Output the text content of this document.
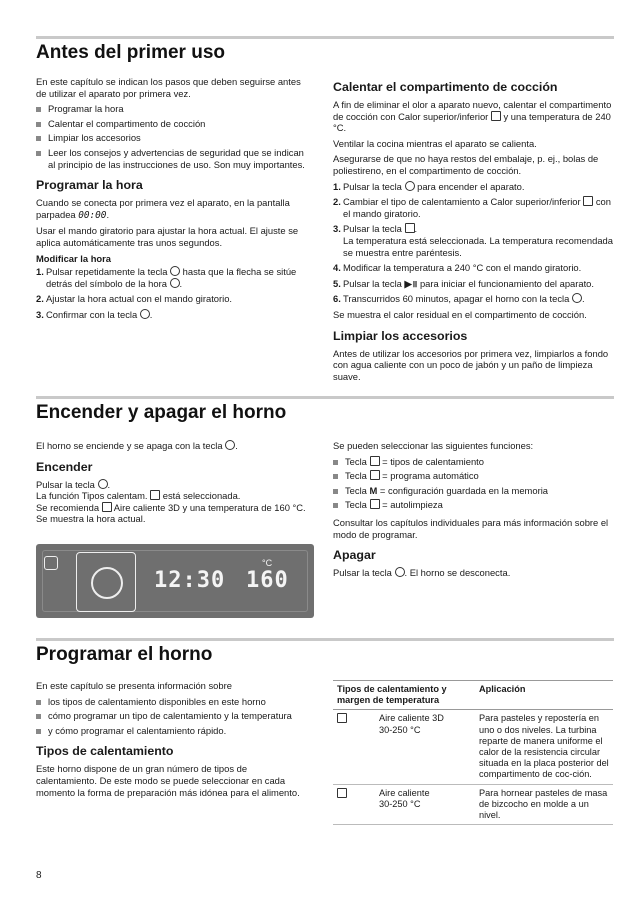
Antes del primer uso

En este capítulo se indican los pasos que deben seguirse antes de utilizar el aparato por primera vez.

Programar la hora
Calentar el compartimento de cocción
Limpiar los accesorios
Leer los consejos y advertencias de seguridad que se indican al principio de las instrucciones de uso. Son muy importantes.
Programar la hora

Cuando se conecta por primera vez el aparato, en la pantalla parpadea 00:00.

Usar el mando giratorio para ajustar la hora actual. El ajuste se aplica automáticamente tras unos segundos.

Modificar la hora
1. Pulsar repetidamente la tecla hasta que la flecha se sitúe detrás del símbolo de la hora .
2. Ajustar la hora actual con el mando giratorio.
3. Confirmar con la tecla .
Calentar el compartimento de cocción

A fin de eliminar el olor a aparato nuevo, calentar el compartimento de cocción con Calor superior/inferior y una temperatura de 240 °C.

Ventilar la cocina mientras el aparato se calienta.

Asegurarse de que no haya restos del embalaje, p. ej., bolas de poliestireno, en el compartimento de cocción.

1. Pulsar la tecla para encender el aparato.
2. Cambiar el tipo de calentamiento a Calor superior/inferior con el mando giratorio.
3. Pulsar la tecla .
La temperatura está seleccionada. La temperatura recomendada se muestra entre paréntesis.
4. Modificar la temperatura a 240 °C con el mando giratorio.
5. Pulsar la tecla ▶॥ para iniciar el funcionamiento del aparato.
6. Transcurridos 60 minutos, apagar el horno con la tecla .

Se muestra el calor residual en el compartimento de cocción.

Limpiar los accesorios

Antes de utilizar los accesorios por primera vez, limpiarlos a fondo con agua caliente con un poco de jabón y un paño de limpieza suave.

Encender y apagar el horno

El horno se enciende y se apaga con la tecla .

Encender
Pulsar la tecla .
La función Tipos calentam. está seleccionada.
Se recomienda Aire caliente 3D y una temperatura de 160 °C.
Se muestra la hora actual.
12:30
°C
160

Se pueden seleccionar las siguientes funciones:

Tecla = tipos de calentamiento
Tecla = programa automático
Tecla M = configuración guardada en la memoria
Tecla = autolimpieza

Consultar los capítulos individuales para más información sobre el modo de programar.

Apagar

Pulsar la tecla . El horno se desconecta.

Programar el horno

En este capítulo se presenta información sobre

los tipos de calentamiento disponibles en este horno
cómo programar un tipo de calentamiento y la temperatura
y cómo programar el calentamiento rápido.
Tipos de calentamiento

Este horno dispone de un gran número de tipos de calentamiento. De este modo se puede seleccionar en cada momento la forma de preparación más idónea para el alimento.

Tipos de calentamiento y margen de temperatura		Aplicación

	Aire caliente 3D
30-250 °C	Para pasteles y repostería en uno o dos niveles. La turbina reparte de manera uniforme el calor de la resistencia circular situada en la placa posterior del compartimento de coc-ción.

	Aire caliente
30-250 °C	Para hornear pasteles de masa de bizcocho en molde a un nivel.
8
